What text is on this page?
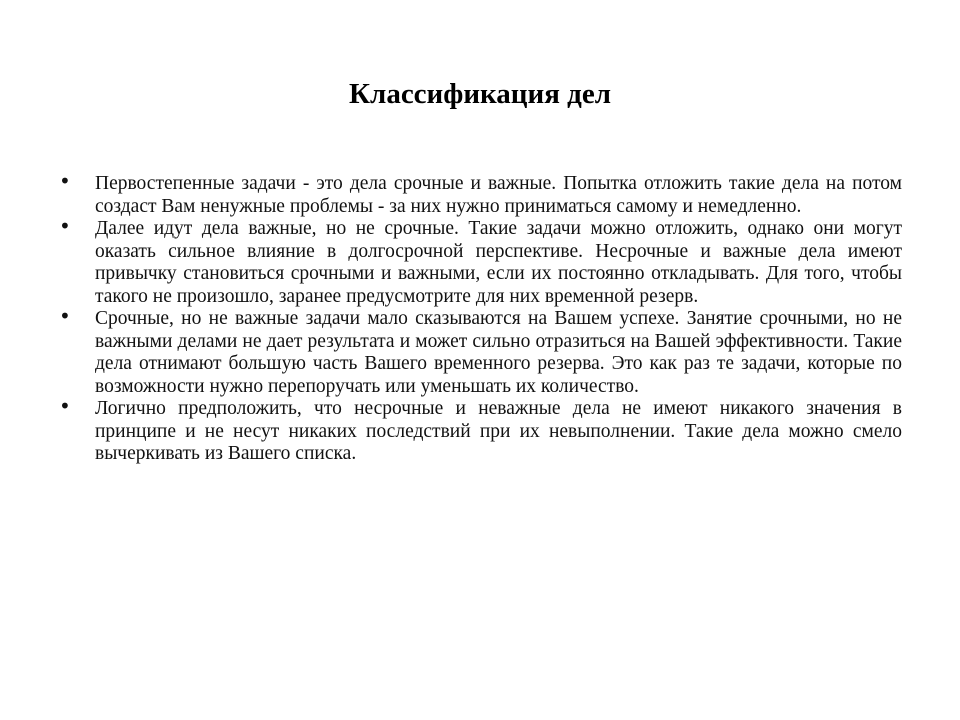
Классификация дел
• Первостепенные задачи - это дела срочные и важные. Попытка отложить такие дела на потом создаст Вам ненужные проблемы - за них нужно приниматься самому и немедленно.
• Далее идут дела важные, но не срочные. Такие задачи можно отложить, однако они могут оказать сильное влияние в долгосрочной перспективе. Несрочные и важные дела имеют привычку становиться срочными и важными, если их постоянно откладывать. Для того, чтобы такого не произошло, заранее предусмотрите для них временной резерв.
• Срочные, но не важные задачи мало сказываются на Вашем успехе. Занятие срочными, но не важными делами не дает результата и может сильно отразиться на Вашей эффективности. Такие дела отнимают большую часть Вашего временного резерва. Это как раз те задачи, которые по возможности нужно перепоручать или уменьшать их количество.
• Логично предположить, что несрочные и неважные дела не имеют никакого значения в принципе и не несут никаких последствий при их невыполнении. Такие дела можно смело вычеркивать из Вашего списка.
